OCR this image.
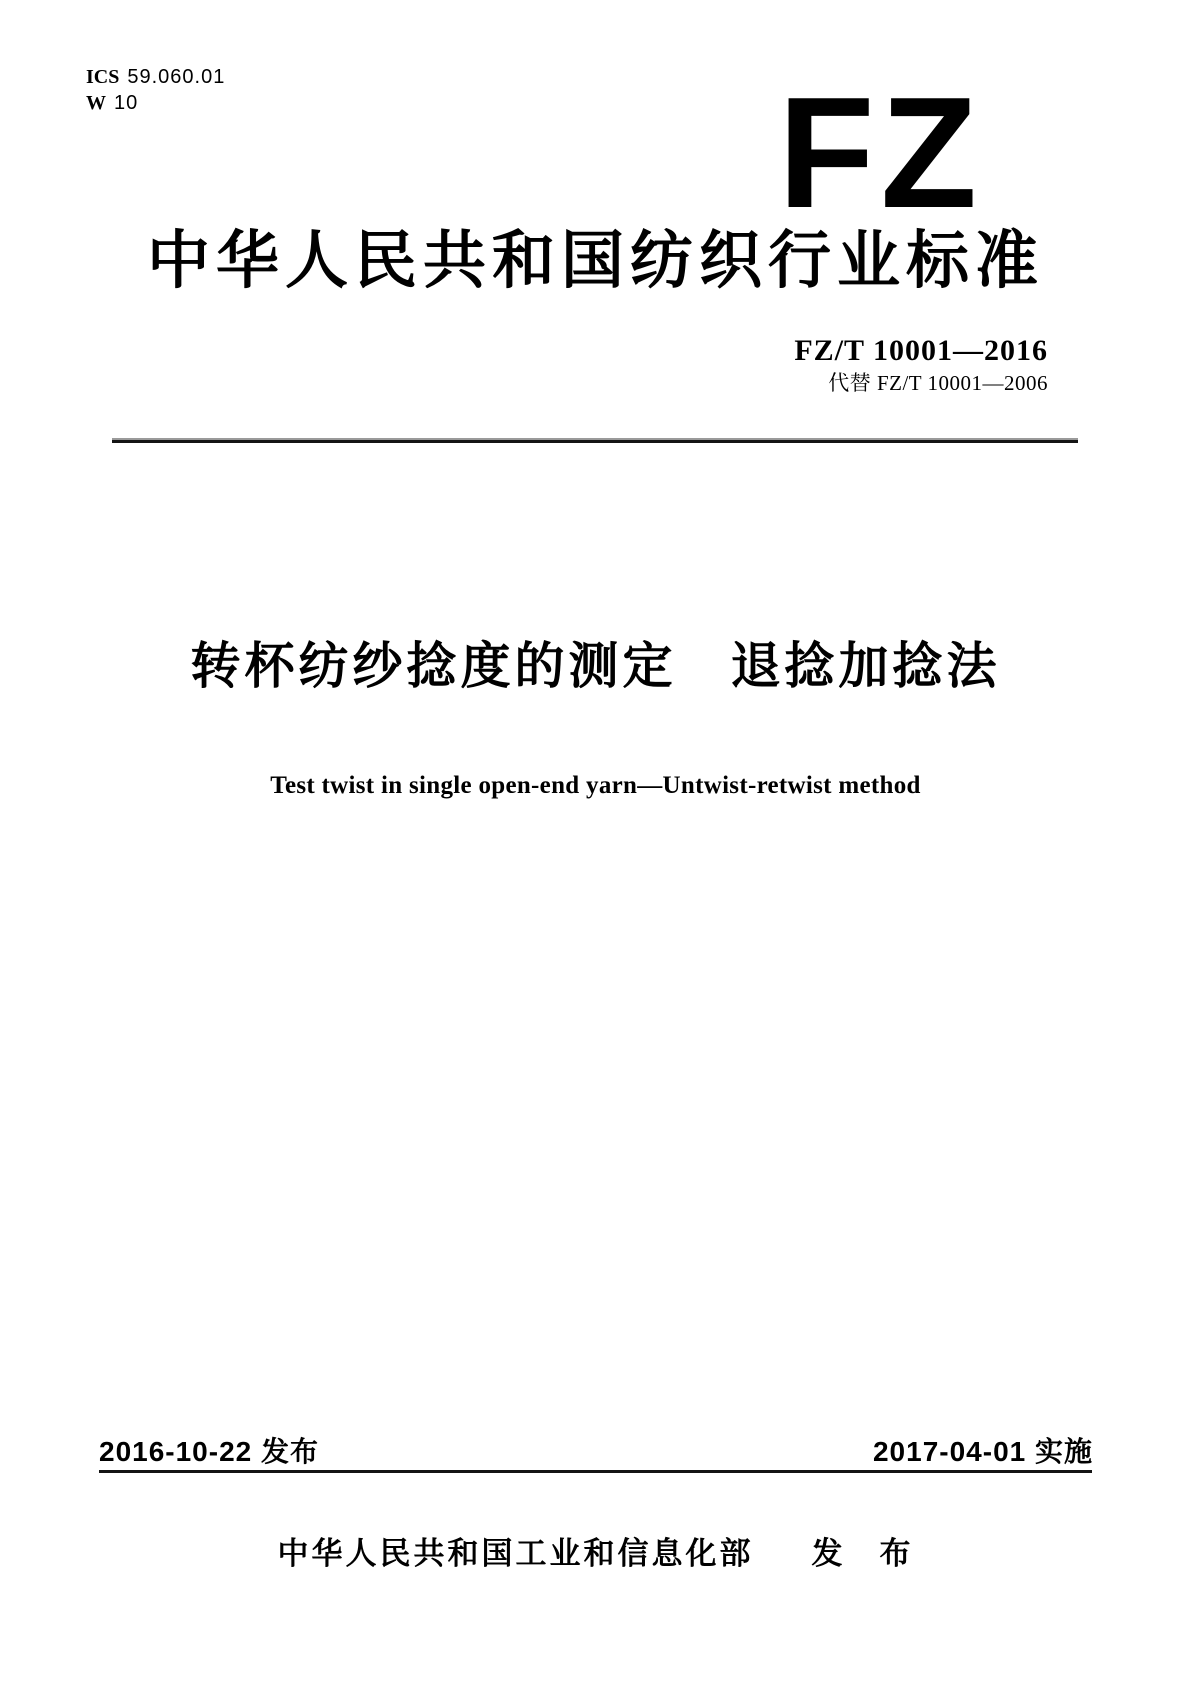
ICS 59.060.01
W 10	FZ
中华人民共和国纺织行业标准
FZ/T 10001—2016
代替 FZ/T 10001—2006
转杯纺纱捻度的测定　退捻加捻法
Test twist in single open-end yarn—Untwist-retwist method
2016-10-22 发布	2017-04-01 实施
中华人民共和国工业和信息化部 发　布
